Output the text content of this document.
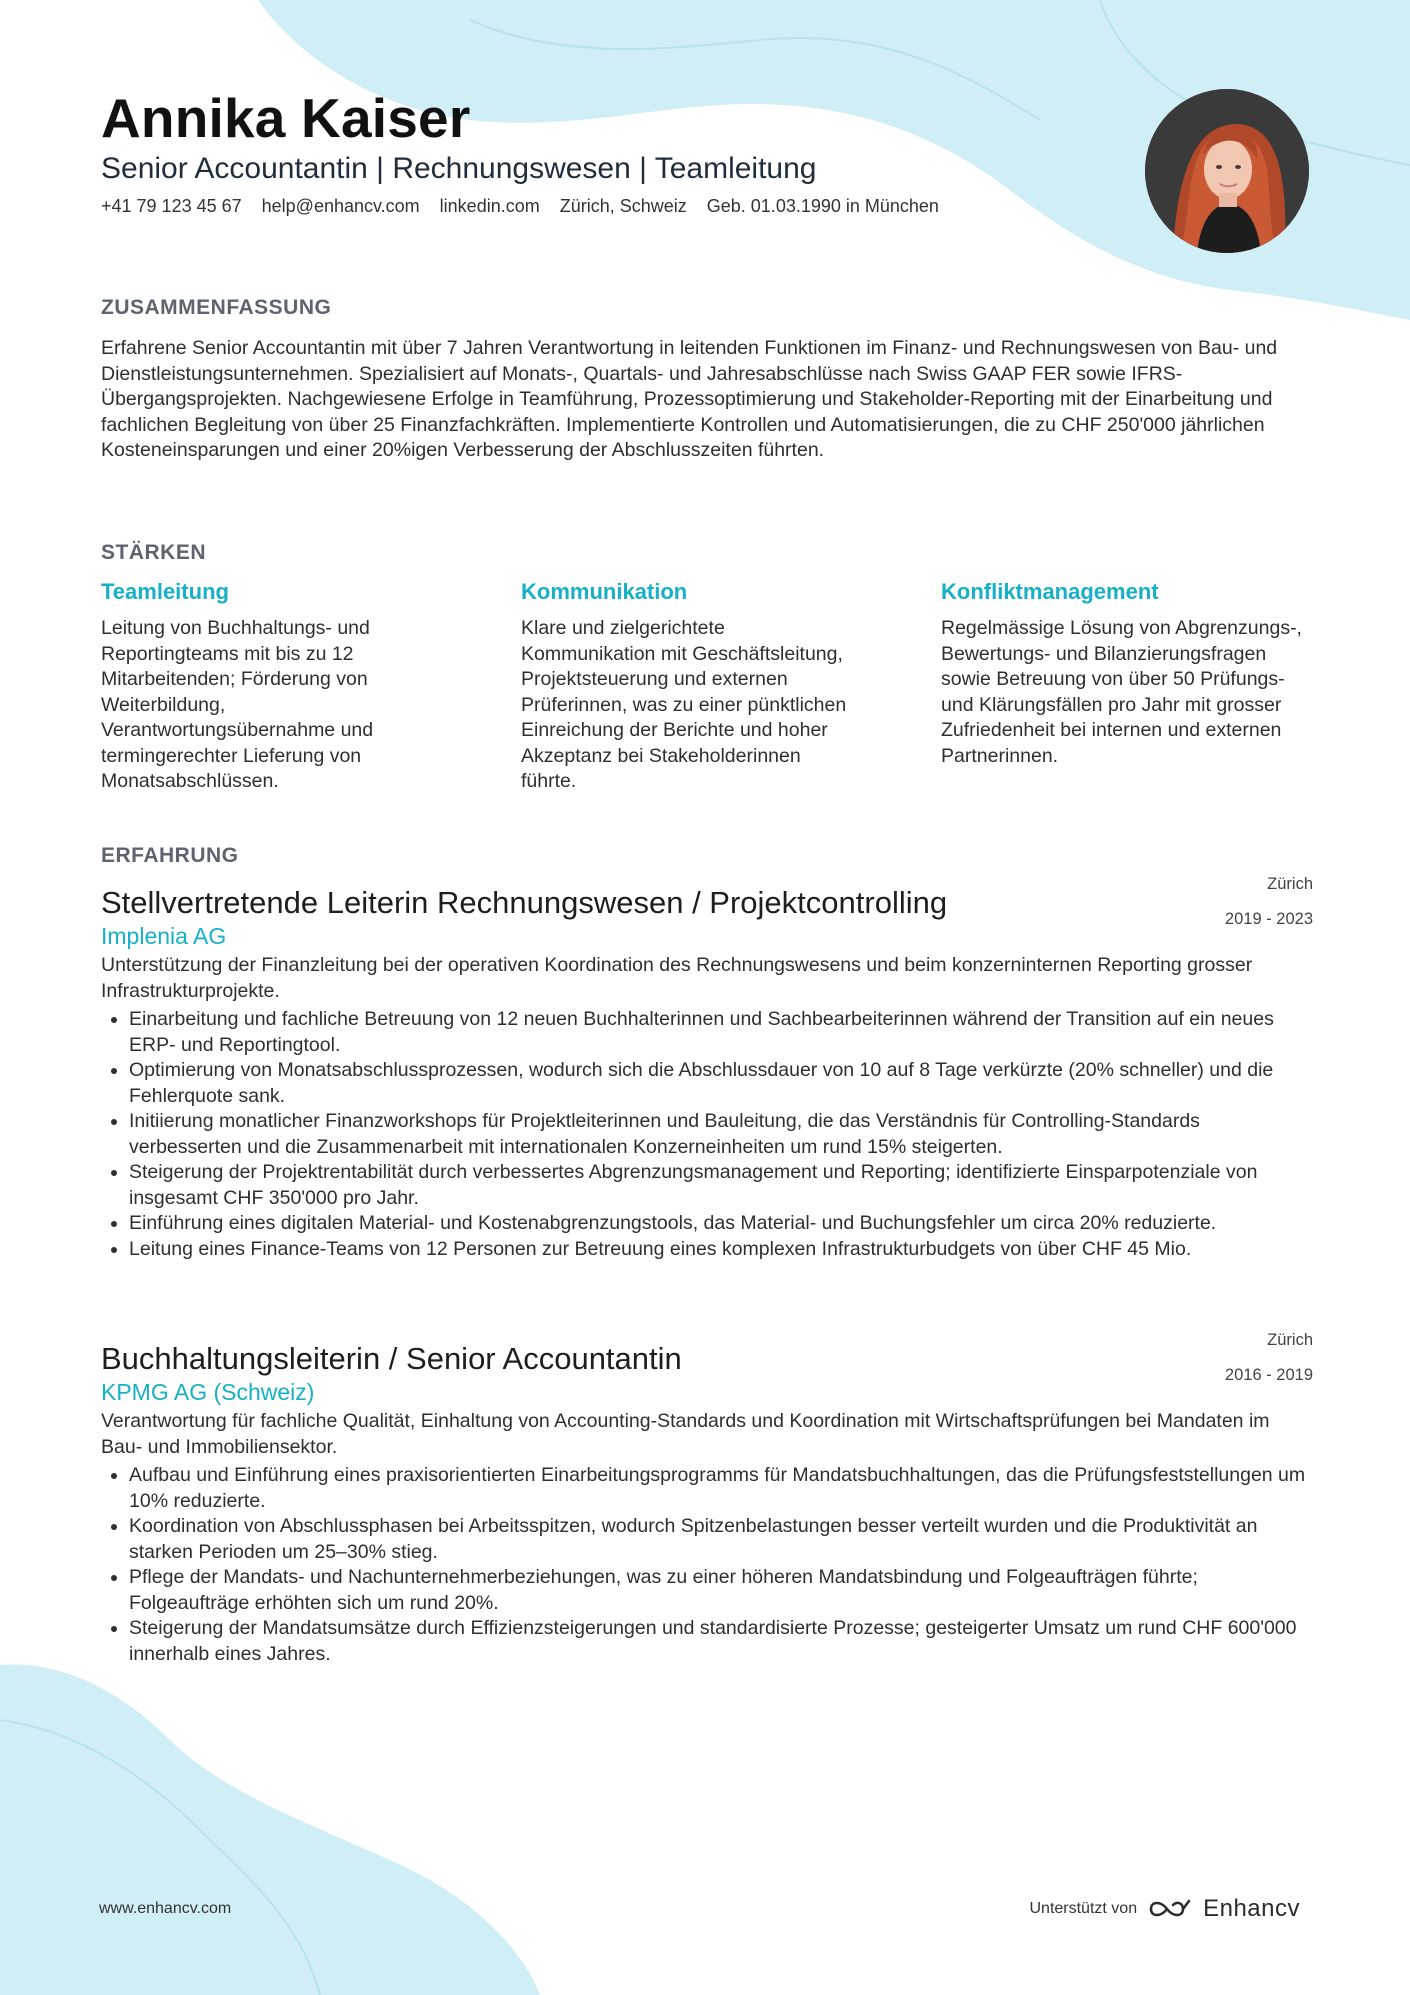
Annika Kaiser
Senior Accountantin | Rechnungswesen | Teamleitung
+41 79 123 45 67 help@enhancv.com linkedin.com Zürich, Schweiz Geb. 01.03.1990 in München
ZUSAMMENFASSUNG
Erfahrene Senior Accountantin mit über 7 Jahren Verantwortung in leitenden Funktionen im Finanz- und Rechnungswesen von Bau- und Dienstleistungsunternehmen. Spezialisiert auf Monats-, Quartals- und Jahresabschlüsse nach Swiss GAAP FER sowie IFRS-Übergangsprojekten. Nachgewiesene Erfolge in Teamführung, Prozessoptimierung und Stakeholder-Reporting mit der Einarbeitung und fachlichen Begleitung von über 25 Finanzfachkräften. Implementierte Kontrollen und Automatisierungen, die zu CHF 250'000 jährlichen Kosteneinsparungen und einer 20%igen Verbesserung der Abschlusszeiten führten.
STÄRKEN
Teamleitung
Leitung von Buchhaltungs- und Reportingteams mit bis zu 12 Mitarbeitenden; Förderung von Weiterbildung, Verantwortungsübernahme und termingerechter Lieferung von Monatsabschlüssen.
Kommunikation
Klare und zielgerichtete Kommunikation mit Geschäftsleitung, Projektsteuerung und externen Prüferinnen, was zu einer pünktlichen Einreichung der Berichte und hoher Akzeptanz bei Stakeholderinnen führte.
Konfliktmanagement
Regelmässige Lösung von Abgrenzungs-, Bewertungs- und Bilanzierungsfragen sowie Betreuung von über 50 Prüfungs- und Klärungsfällen pro Jahr mit grosser Zufriedenheit bei internen und externen Partnerinnen.
ERFAHRUNG
Stellvertretende Leiterin Rechnungswesen / Projektcontrolling
Implenia AG
Zürich
2019 - 2023
Unterstützung der Finanzleitung bei der operativen Koordination des Rechnungswesens und beim konzerninternen Reporting grosser Infrastrukturprojekte.
• Einarbeitung und fachliche Betreuung von 12 neuen Buchhalterinnen und Sachbearbeiterinnen während der Transition auf ein neues ERP- und Reportingtool.
• Optimierung von Monatsabschlussprozessen, wodurch sich die Abschlussdauer von 10 auf 8 Tage verkürzte (20% schneller) und die Fehlerquote sank.
• Initiierung monatlicher Finanzworkshops für Projektleiterinnen und Bauleitung, die das Verständnis für Controlling-Standards verbesserten und die Zusammenarbeit mit internationalen Konzerneinheiten um rund 15% steigerten.
• Steigerung der Projektrentabilität durch verbessertes Abgrenzungsmanagement und Reporting; identifizierte Einsparpotenziale von insgesamt CHF 350'000 pro Jahr.
• Einführung eines digitalen Material- und Kostenabgrenzungstools, das Material- und Buchungsfehler um circa 20% reduzierte.
• Leitung eines Finance-Teams von 12 Personen zur Betreuung eines komplexen Infrastrukturbudgets von über CHF 45 Mio.
Buchhaltungsleiterin / Senior Accountantin
KPMG AG (Schweiz)
Zürich
2016 - 2019
Verantwortung für fachliche Qualität, Einhaltung von Accounting-Standards und Koordination mit Wirtschaftsprüfungen bei Mandaten im Bau- und Immobiliensektor.
• Aufbau und Einführung eines praxisorientierten Einarbeitungsprogramms für Mandatsbuchhaltungen, das die Prüfungsfeststellungen um 10% reduzierte.
• Koordination von Abschlussphasen bei Arbeitsspitzen, wodurch Spitzenbelastungen besser verteilt wurden und die Produktivität an starken Perioden um 25–30% stieg.
• Pflege der Mandats- und Nachunternehmerbeziehungen, was zu einer höheren Mandatsbindung und Folgeaufträgen führte; Folgeaufträge erhöhten sich um rund 20%.
• Steigerung der Mandatsumsätze durch Effizienzsteigerungen und standardisierte Prozesse; gesteigerter Umsatz um rund CHF 600'000 innerhalb eines Jahres.
www.enhancv.com	Unterstützt von	Enhancv
